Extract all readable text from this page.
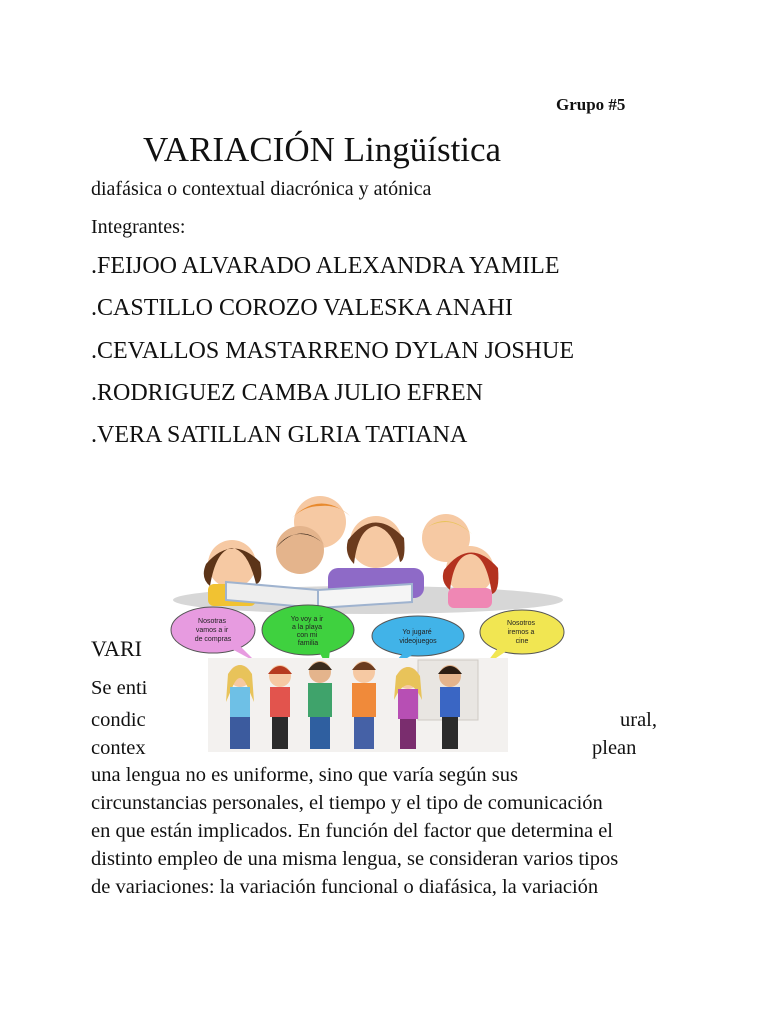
Grupo #5
VARIACIÓN Lingüística
diafásica o contextual diacrónica y atónica
Integrantes:
.FEIJOO ALVARADO ALEXANDRA YAMILE
.CASTILLO COROZO VALESKA ANAHI
.CEVALLOS MASTARRENO DYLAN JOSHUE
.RODRIGUEZ CAMBA JULIO EFREN
.VERA SATILLAN GLRIA TATIANA
VARI
Se enti
condic
contex
una lengua no es uniforme, sino que varía según sus
circunstancias personales, el tiempo y el tipo de comunicación
en que están implicados. En función del factor que determina el
distinto empleo de una misma lengua, se consideran varios tipos
de variaciones: la variación funcional o diafásica, la variación
ural,
plean
Nosotras vamos a ir de compras
Yo voy a ir a la playa con mi familia
Yo jugaré videojuegos
Nosotros iremos a cine
